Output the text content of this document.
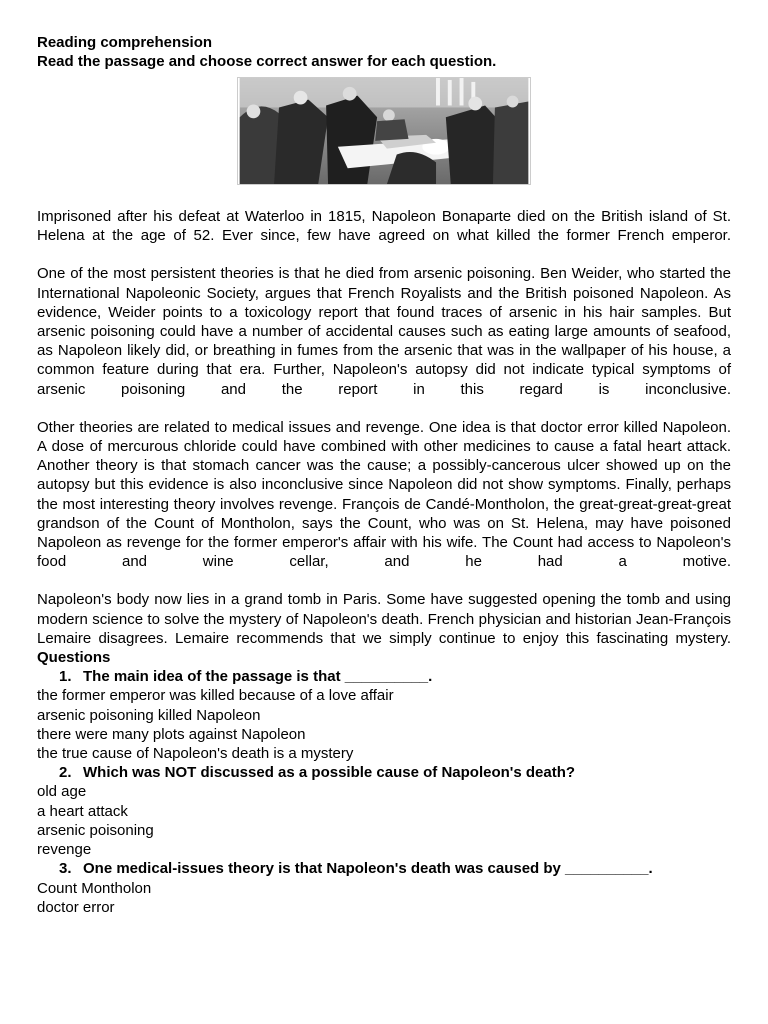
Reading comprehension

Read the passage and choose correct answer for each question.

Imprisoned after his defeat at Waterloo in 1815, Napoleon Bonaparte died on the British island of St. Helena at the age of 52. Ever since, few have agreed on what killed the former French emperor.

One of the most persistent theories is that he died from arsenic poisoning. Ben Weider, who started the International Napoleonic Society, argues that French Royalists and the British poisoned Napoleon. As evidence, Weider points to a toxicology report that found traces of arsenic in his hair samples. But arsenic poisoning could have a number of accidental causes such as eating large amounts of seafood, as Napoleon likely did, or breathing in fumes from the arsenic that was in the wallpaper of his house, a common feature during that era. Further, Napoleon's autopsy did not indicate typical symptoms of arsenic poisoning and the report in this regard is inconclusive.

Other theories are related to medical issues and revenge. One idea is that doctor error killed Napoleon. A dose of mercurous chloride could have combined with other medicines to cause a fatal heart attack. Another theory is that stomach cancer was the cause; a possibly-cancerous ulcer showed up on the autopsy but this evidence is also inconclusive since Napoleon did not show symptoms. Finally, perhaps the most interesting theory involves revenge. François de Candé-Montholon, the great-great-great-great grandson of the Count of Montholon, says the Count, who was on St. Helena, may have poisoned Napoleon as revenge for the former emperor's affair with his wife. The Count had access to Napoleon's food and wine cellar, and he had a motive.

Napoleon's body now lies in a grand tomb in Paris. Some have suggested opening the tomb and using modern science to solve the mystery of Napoleon's death. French physician and historian Jean-François Lemaire disagrees. Lemaire recommends that we simply continue to enjoy this fascinating mystery.

Questions

1. The main idea of the passage is that __________.

the former emperor was killed because of a love affair

arsenic poisoning killed Napoleon

there were many plots against Napoleon

the true cause of Napoleon's death is a mystery

2. Which was NOT discussed as a possible cause of Napoleon's death?

old age

a heart attack

arsenic poisoning

revenge

3. One medical-issues theory is that Napoleon's death was caused by __________.

Count Montholon

doctor error
